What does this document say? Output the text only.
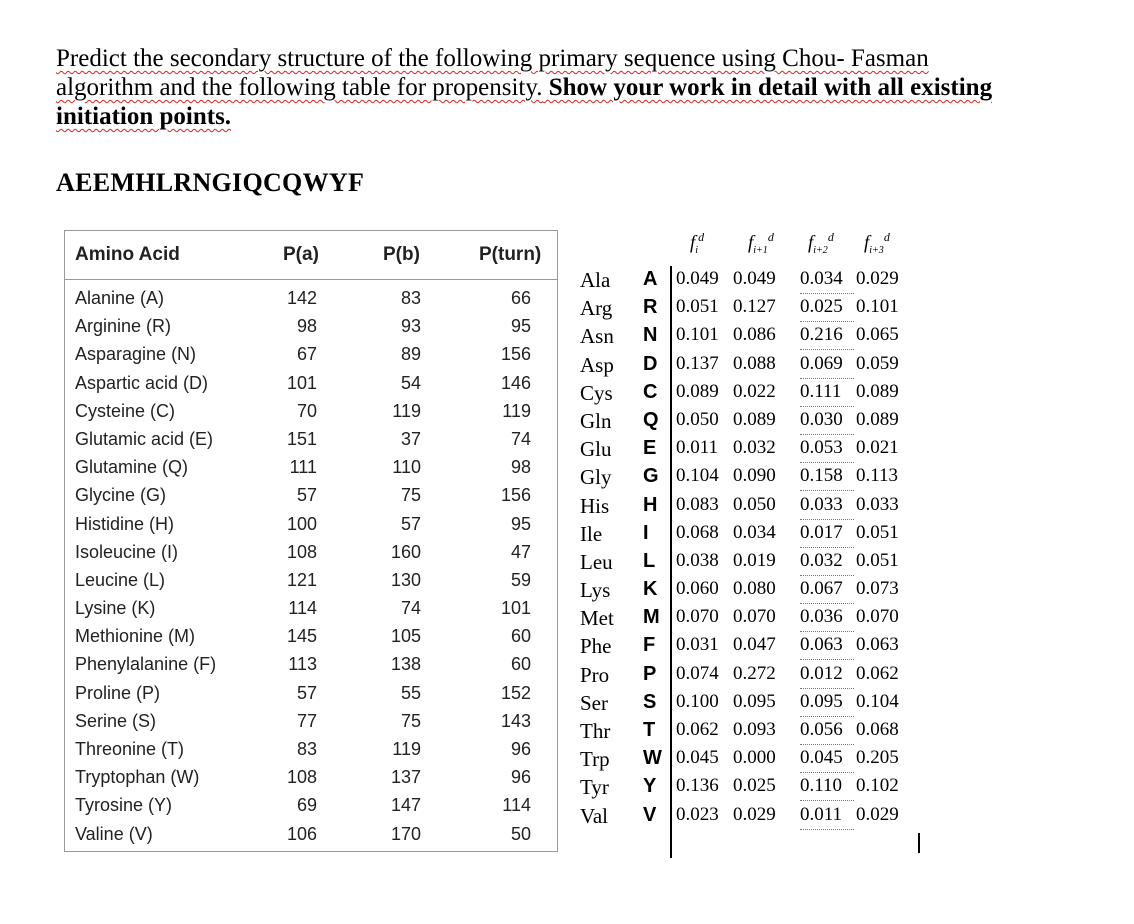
Predict the secondary structure of the following primary sequence using Chou- Fasman
algorithm and the following table for propensity. Show your work in detail with all existing
initiation points.
AEEMHLRNGIQCQWYF
Amino Acid	P(a)	P(b)	P(turn)
Alanine (A)	142	83	66
Arginine (R)	98	93	95
Asparagine (N)	67	89	156
Aspartic acid (D)	101	54	146
Cysteine (C)	70	119	119
Glutamic acid (E)	151	37	74
Glutamine (Q)	111	110	98
Glycine (G)	57	75	156
Histidine (H)	100	57	95
Isoleucine (I)	108	160	47
Leucine (L)	121	130	59
Lysine (K)	114	74	101
Methionine (M)	145	105	60
Phenylalanine (F)	113	138	60
Proline (P)	57	55	152
Serine (S)	77	75	143
Threonine (T)	83	119	96
Tryptophan (W)	108	137	96
Tyrosine (Y)	69	147	114
Valine (V)	106	170	50
$f_i^d$ $f_{i+1}^d$ $f_{i+2}^d$ $f_{i+3}^d$
Ala A 0.049 0.049 0.034 0.029
Arg R 0.051 0.127 0.025 0.101
Asn N 0.101 0.086 0.216 0.065
Asp D 0.137 0.088 0.069 0.059
Cys C 0.089 0.022 0.111 0.089
Gln Q 0.050 0.089 0.030 0.089
Glu E 0.011 0.032 0.053 0.021
Gly G 0.104 0.090 0.158 0.113
His H 0.083 0.050 0.033 0.033
Ile I 0.068 0.034 0.017 0.051
Leu L 0.038 0.019 0.032 0.051
Lys K 0.060 0.080 0.067 0.073
Met M 0.070 0.070 0.036 0.070
Phe F 0.031 0.047 0.063 0.063
Pro P 0.074 0.272 0.012 0.062
Ser S 0.100 0.095 0.095 0.104
Thr T 0.062 0.093 0.056 0.068
Trp W 0.045 0.000 0.045 0.205
Tyr Y 0.136 0.025 0.110 0.102
Val V 0.023 0.029 0.011 0.029
